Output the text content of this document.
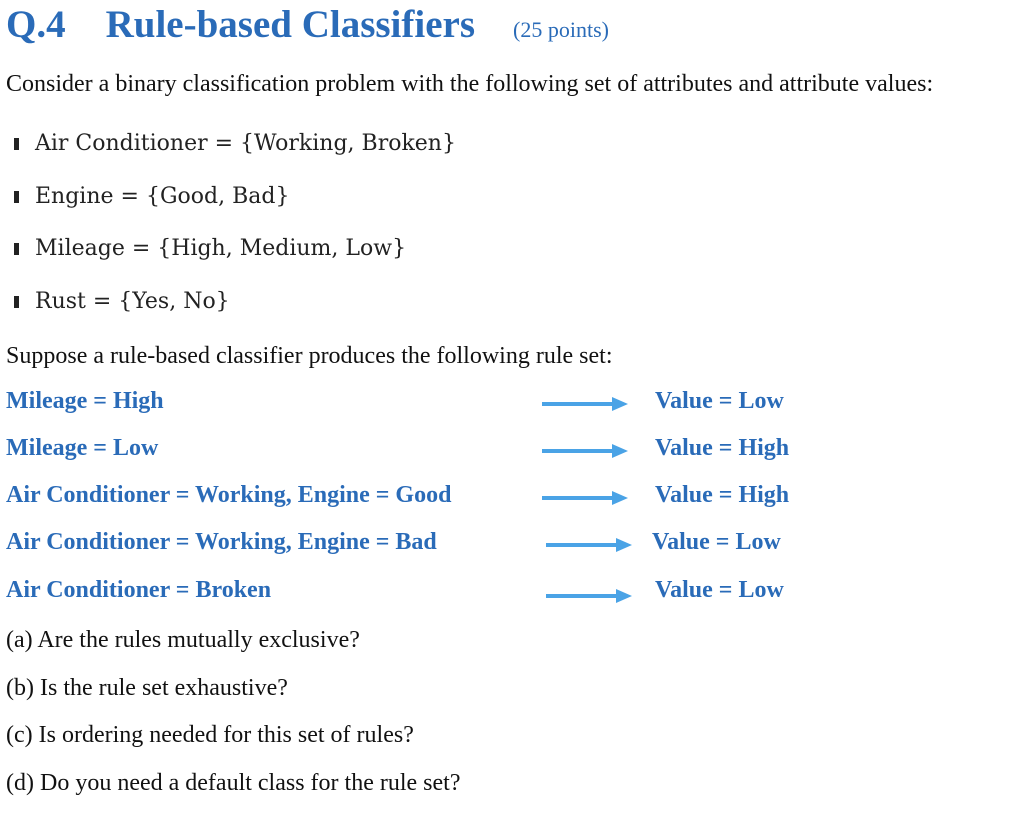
Q.4 Rule-based Classifiers (25 points)
Consider a binary classification problem with the following set of attributes and attribute values:
Air Conditioner = {Working, Broken}
Engine = {Good, Bad}
Mileage = {High, Medium, Low}
Rust = {Yes, No}
Suppose a rule-based classifier produces the following rule set:
Mileage = High	Value = Low
Mileage = Low	Value = High
Air Conditioner = Working, Engine = Good	Value = High
Air Conditioner = Working, Engine = Bad	Value = Low
Air Conditioner = Broken	Value = Low
(a) Are the rules mutually exclusive?
(b) Is the rule set exhaustive?
(c) Is ordering needed for this set of rules?
(d) Do you need a default class for the rule set?
